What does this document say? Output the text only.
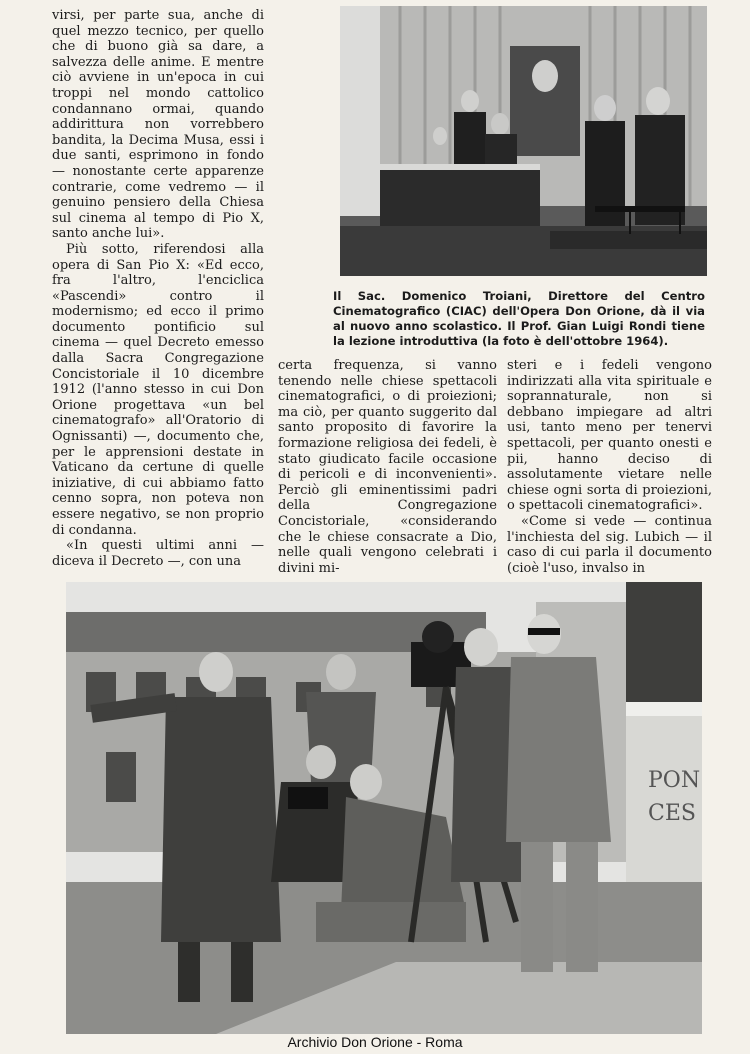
virsi, per parte sua, anche di quel mezzo tecnico, per quello che di buono già sa dare, a salvezza delle anime. E mentre ciò avviene in un'epoca in cui troppi nel mondo cattolico condannano ormai, quando addirittura non vorrebbero bandita, la Decima Musa, essi i due santi, esprimono in fondo — nonostante certe apparenze contrarie, come vedremo — il genuino pensiero della Chiesa sul cinema al tempo di Pio X, santo anche lui».

Più sotto, riferendosi alla opera di San Pio X: «Ed ecco, fra l'altro, l'enciclica «Pascendi» contro il modernismo; ed ecco il primo documento pontificio sul cinema — quel Decreto emesso dalla Sacra Congregazione Concistoriale il 10 dicembre 1912 (l'anno stesso in cui Don Orione progettava «un bel cinematografo» all'Oratorio di Ognissanti) —, documento che, per le apprensioni destate in Vaticano da certune di quelle iniziative, di cui abbiamo fatto cenno sopra, non poteva non essere negativo, se non proprio di condanna.

«In questi ultimi anni — diceva il Decreto —, con una

Il Sac. Domenico Troiani, Direttore del Centro Cinematografico (CIAC) dell'Opera Don Orione, dà il via al nuovo anno scolastico. Il Prof. Gian Luigi Rondi tiene la lezione introduttiva (la foto è dell'ottobre 1964).

certa frequenza, si vanno tenendo nelle chiese spettacoli cinematografici, o di proiezioni; ma ciò, per quanto suggerito dal santo proposito di favorire la formazione religiosa dei fedeli, è stato giudicato facile occasione di pericoli e di inconvenienti». Perciò gli eminentissimi padri della Congregazione Concistoriale, «considerando che le chiese consacrate a Dio, nelle quali vengono celebrati i divini mi-

steri e i fedeli vengono indirizzati alla vita spirituale e soprannaturale, non si debbano impiegare ad altri usi, tanto meno per tenervi spettacoli, per quanto onesti e pii, hanno deciso di assolutamente vietare nelle chiese ogni sorta di proiezioni, o spettacoli cinematografici».

«Come si vede — continua l'inchiesta del sig. Lubich — il caso di cui parla il documento (cioè l'uso, invalso in

PON
CES
Archivio Don Orione - Roma
